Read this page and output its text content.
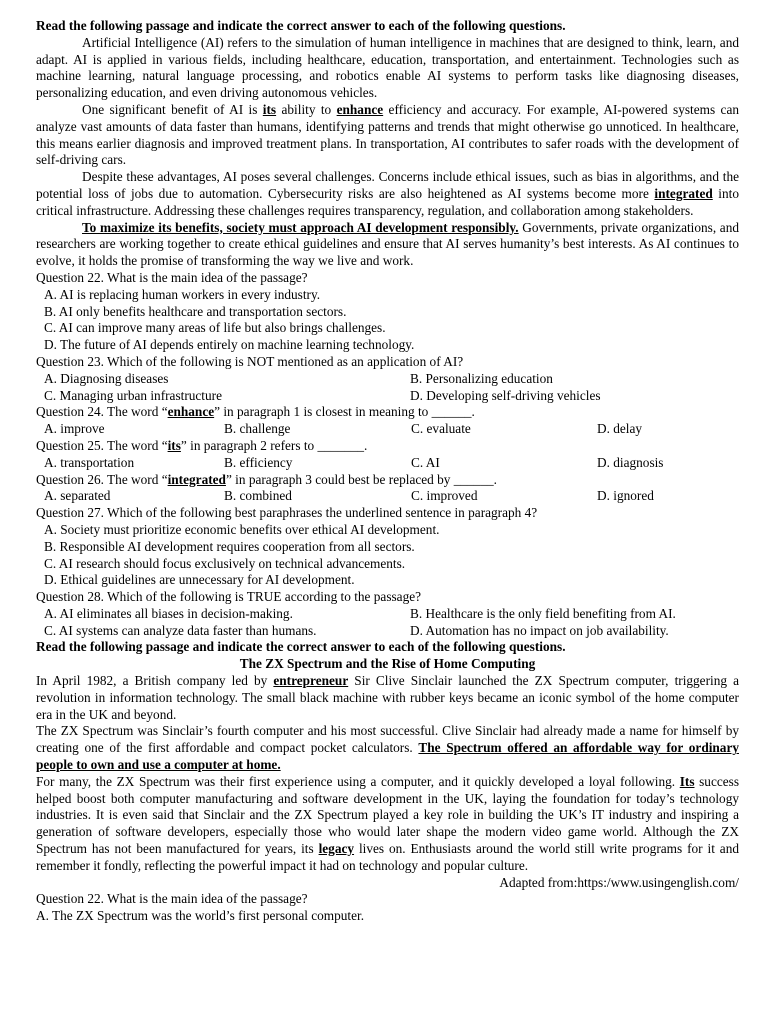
Read the following passage and indicate the correct answer to each of the following questions.

Artificial Intelligence (AI) refers to the simulation of human intelligence in machines that are designed to think, learn, and adapt. AI is applied in various fields, including healthcare, education, transportation, and entertainment. Technologies such as machine learning, natural language processing, and robotics enable AI systems to perform tasks like diagnosing diseases, personalizing education, and even driving autonomous vehicles.

One significant benefit of AI is its ability to enhance efficiency and accuracy. For example, AI-powered systems can analyze vast amounts of data faster than humans, identifying patterns and trends that might otherwise go unnoticed. In healthcare, this means earlier diagnosis and improved treatment plans. In transportation, AI contributes to safer roads with the development of self-driving cars.

Despite these advantages, AI poses several challenges. Concerns include ethical issues, such as bias in algorithms, and the potential loss of jobs due to automation. Cybersecurity risks are also heightened as AI systems become more integrated into critical infrastructure. Addressing these challenges requires transparency, regulation, and collaboration among stakeholders.

To maximize its benefits, society must approach AI development responsibly. Governments, private organizations, and researchers are working together to create ethical guidelines and ensure that AI serves humanity’s best interests. As AI continues to evolve, it holds the promise of transforming the way we live and work.

Question 22. What is the main idea of the passage?

A. AI is replacing human workers in every industry.
B. AI only benefits healthcare and transportation sectors.
C. AI can improve many areas of life but also brings challenges.
D. The future of AI depends entirely on machine learning technology.

Question 23. Which of the following is NOT mentioned as an application of AI?

A. Diagnosing diseases	B. Personalizing education
C. Managing urban infrastructure	D. Developing self-driving vehicles

Question 24. The word “enhance” in paragraph 1 is closest in meaning to ______.

A. improve	B. challenge	C. evaluate	D. delay

Question 25. The word “its” in paragraph 2 refers to _______.

A. transportation	B. efficiency	C. AI	D. diagnosis

Question 26. The word “integrated” in paragraph 3 could best be replaced by ______.

A. separated	B. combined	C. improved	D. ignored

Question 27. Which of the following best paraphrases the underlined sentence in paragraph 4?

A. Society must prioritize economic benefits over ethical AI development.
B. Responsible AI development requires cooperation from all sectors.
C. AI research should focus exclusively on technical advancements.
D. Ethical guidelines are unnecessary for AI development.

Question 28. Which of the following is TRUE according to the passage?

A. AI eliminates all biases in decision-making.	B. Healthcare is the only field benefiting from AI.
C. AI systems can analyze data faster than humans.	D. Automation has no impact on job availability.

Read the following passage and indicate the correct answer to each of the following questions.

The ZX Spectrum and the Rise of Home Computing

In April 1982, a British company led by entrepreneur Sir Clive Sinclair launched the ZX Spectrum computer, triggering a revolution in information technology. The small black machine with rubber keys became an iconic symbol of the home computer era in the UK and beyond.

The ZX Spectrum was Sinclair’s fourth computer and his most successful. Clive Sinclair had already made a name for himself by creating one of the first affordable and compact pocket calculators. The Spectrum offered an affordable way for ordinary people to own and use a computer at home.

For many, the ZX Spectrum was their first experience using a computer, and it quickly developed a loyal following. Its success helped boost both computer manufacturing and software development in the UK, laying the foundation for today’s technology industries. It is even said that Sinclair and the ZX Spectrum played a key role in building the UK’s IT industry and inspiring a generation of software developers, especially those who would later shape the modern video game world. Although the ZX Spectrum has not been manufactured for years, its legacy lives on. Enthusiasts around the world still write programs for it and remember it fondly, reflecting the powerful impact it had on technology and popular culture.

Adapted from:https:/www.usingenglish.com/

Question 22. What is the main idea of the passage?

A. The ZX Spectrum was the world’s first personal computer.
